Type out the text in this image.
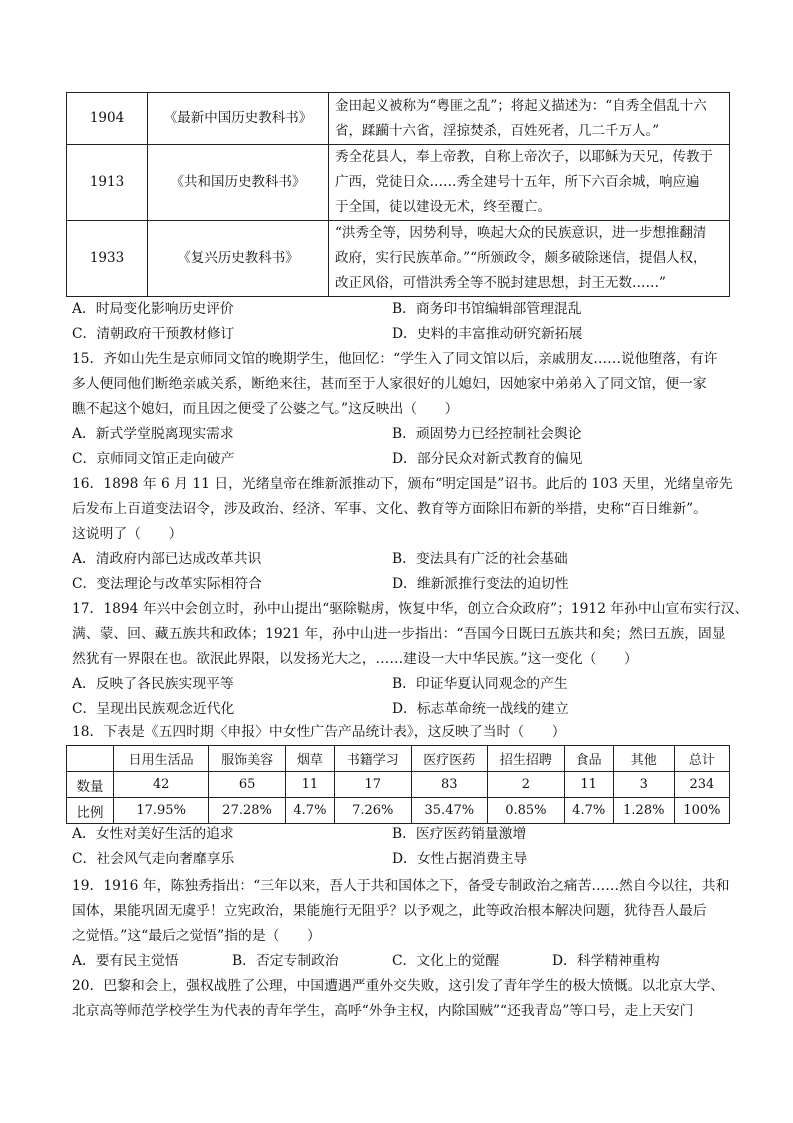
1904	《最新中国历史教科书》	金田起义被称为“粤匪之乱”；将起义描述为：“自秀全倡乱十六
省，蹂躏十六省，淫掠焚杀，百姓死者，几二千万人。”

1913	《共和国历史教科书》	秀全花县人，奉上帝教，自称上帝次子，以耶稣为天兄，传教于
广西，党徒日众……秀全建号十五年，所下六百余城，响应遍
于全国，徒以建设无术，终至覆亡。

1933	《复兴历史教科书》	“洪秀全等，因势利导，唤起大众的民族意识，进一步想推翻清
政府，实行民族革命。”“所颁政令，颇多破除迷信，提倡人权，
改正风俗，可惜洪秀全等不脱封建思想，封王无数……”
A．时局变化影响历史评价	B．商务印书馆编辑部管理混乱
C．清朝政府干预教材修订	D．史料的丰富推动研究新拓展
15．齐如山先生是京师同文馆的晚期学生，他回忆：“学生入了同文馆以后，亲戚朋友……说他堕落，有许
多人便同他们断绝亲戚关系，断绝来往，甚而至于人家很好的儿媳妇，因她家中弟弟入了同文馆，便一家
瞧不起这个媳妇，而且因之便受了公婆之气。”这反映出（　　）
A．新式学堂脱离现实需求	B．顽固势力已经控制社会舆论
C．京师同文馆正走向破产	D．部分民众对新式教育的偏见
16．1898 年 6 月 11 日，光绪皇帝在维新派推动下，颁布“明定国是”诏书。此后的 103 天里，光绪皇帝先
后发布上百道变法诏令，涉及政治、经济、军事、文化、教育等方面除旧布新的举措，史称“百日维新”。
这说明了（　　）
A．清政府内部已达成改革共识	B．变法具有广泛的社会基础
C．变法理论与改革实际相符合	D．维新派推行变法的迫切性
17．1894 年兴中会创立时，孙中山提出“驱除鞑虏，恢复中华，创立合众政府”；1912 年孙中山宣布实行汉、
满、蒙、回、藏五族共和政体；1921 年，孙中山进一步指出：“吾国今日既曰五族共和矣；然曰五族，固显
然犹有一界限在也。欲泯此界限，以发扬光大之，……建设一大中华民族。”这一变化（　　）
A．反映了各民族实现平等	B．印证华夏认同观念的产生
C．呈现出民族观念近代化	D．标志革命统一战线的建立
18．下表是《五四时期〈申报〉中女性广告产品统计表》，这反映了当时（　　）
	日用生活品	服饰美容	烟草	书籍学习	医疗医药	招生招聘	食品	其他	总计
数量	42	65	11	17	83	2	11	3	234
比例	17.95%	27.28%	4.7%	7.26%	35.47%	0.85%	4.7%	1.28%	100%
A．女性对美好生活的追求	B．医疗医药销量激增
C．社会风气走向奢靡享乐	D．女性占据消费主导
19．1916 年，陈独秀指出：“三年以来，吾人于共和国体之下，备受专制政治之痛苦……然自今以往，共和
国体，果能巩固无虞乎！立宪政治，果能施行无阻乎？以予观之，此等政治根本解决问题，犹待吾人最后
之觉悟。”这“最后之觉悟”指的是（　　）
A．要有民主觉悟	B．否定专制政治	C．文化上的觉醒	D．科学精神重构
20．巴黎和会上，强权战胜了公理，中国遭遇严重外交失败，这引发了青年学生的极大愤慨。以北京大学、
北京高等师范学校学生为代表的青年学生，高呼“外争主权，内除国贼”“还我青岛”等口号，走上天安门
